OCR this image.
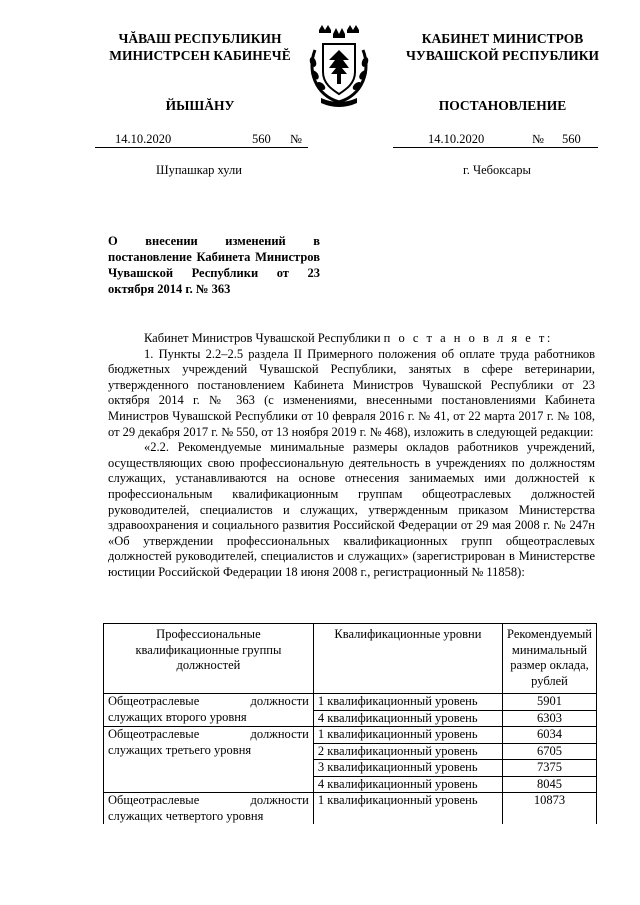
ЧĂВАШ РЕСПУБЛИКИН
МИНИСТРСЕН КАБИНЕЧĔ
ЙЫШĂНУ
КАБИНЕТ МИНИСТРОВ
ЧУВАШСКОЙ РЕСПУБЛИКИ
ПОСТАНОВЛЕНИЕ
14.10.2020	560 №	14.10.2020	№ 560
Шупашкар хули	г. Чебоксары
О внесении изменений в постановление Кабинета Министров Чувашской Республики от 23 октября 2014 г. № 363

Кабинет Министров Чувашской Республики п о с т а н о в л я е т:

1. Пункты 2.2–2.5 раздела II Примерного положения об оплате труда работников бюджетных учреждений Чувашской Республики, занятых в сфере ветеринарии, утвержденного постановлением Кабинета Министров Чувашской Республики от 23 октября 2014 г. № 363 (с изменениями, внесенными постановлениями Кабинета Министров Чувашской Республики от 10 февраля 2016 г. № 41, от 22 марта 2017 г. № 108, от 29 декабря 2017 г. № 550, от 13 ноября 2019 г. № 468), изложить в следующей редакции:

«2.2. Рекомендуемые минимальные размеры окладов работников учреждений, осуществляющих свою профессиональную деятельность в учреждениях по должностям служащих, устанавливаются на основе отнесения занимаемых ими должностей к профессиональным квалификационным группам общеотраслевых должностей руководителей, специалистов и служащих, утвержденным приказом Министерства здравоохранения и социального развития Российской Федерации от 29 мая 2008 г. № 247н «Об утверждении профессиональных квалификационных групп общеотраслевых должностей руководителей, специалистов и служащих» (зарегистрирован в Министерстве юстиции Российской Федерации 18 июня 2008 г., регистрационный № 11858):

Профессиональные квалификационные группы должностей	Квалификационные уровни	Рекомендуемый минимальный размер оклада, рублей
Общеотраслевые должности служащих второго уровня	1 квалификационный уровень	5901
	4 квалификационный уровень	6303
Общеотраслевые должности служащих третьего уровня	1 квалификационный уровень	6034
	2 квалификационный уровень	6705
	3 квалификационный уровень	7375
	4 квалификационный уровень	8045
Общеотраслевые должности служащих четвертого уровня	1 квалификационный уровень	10873
